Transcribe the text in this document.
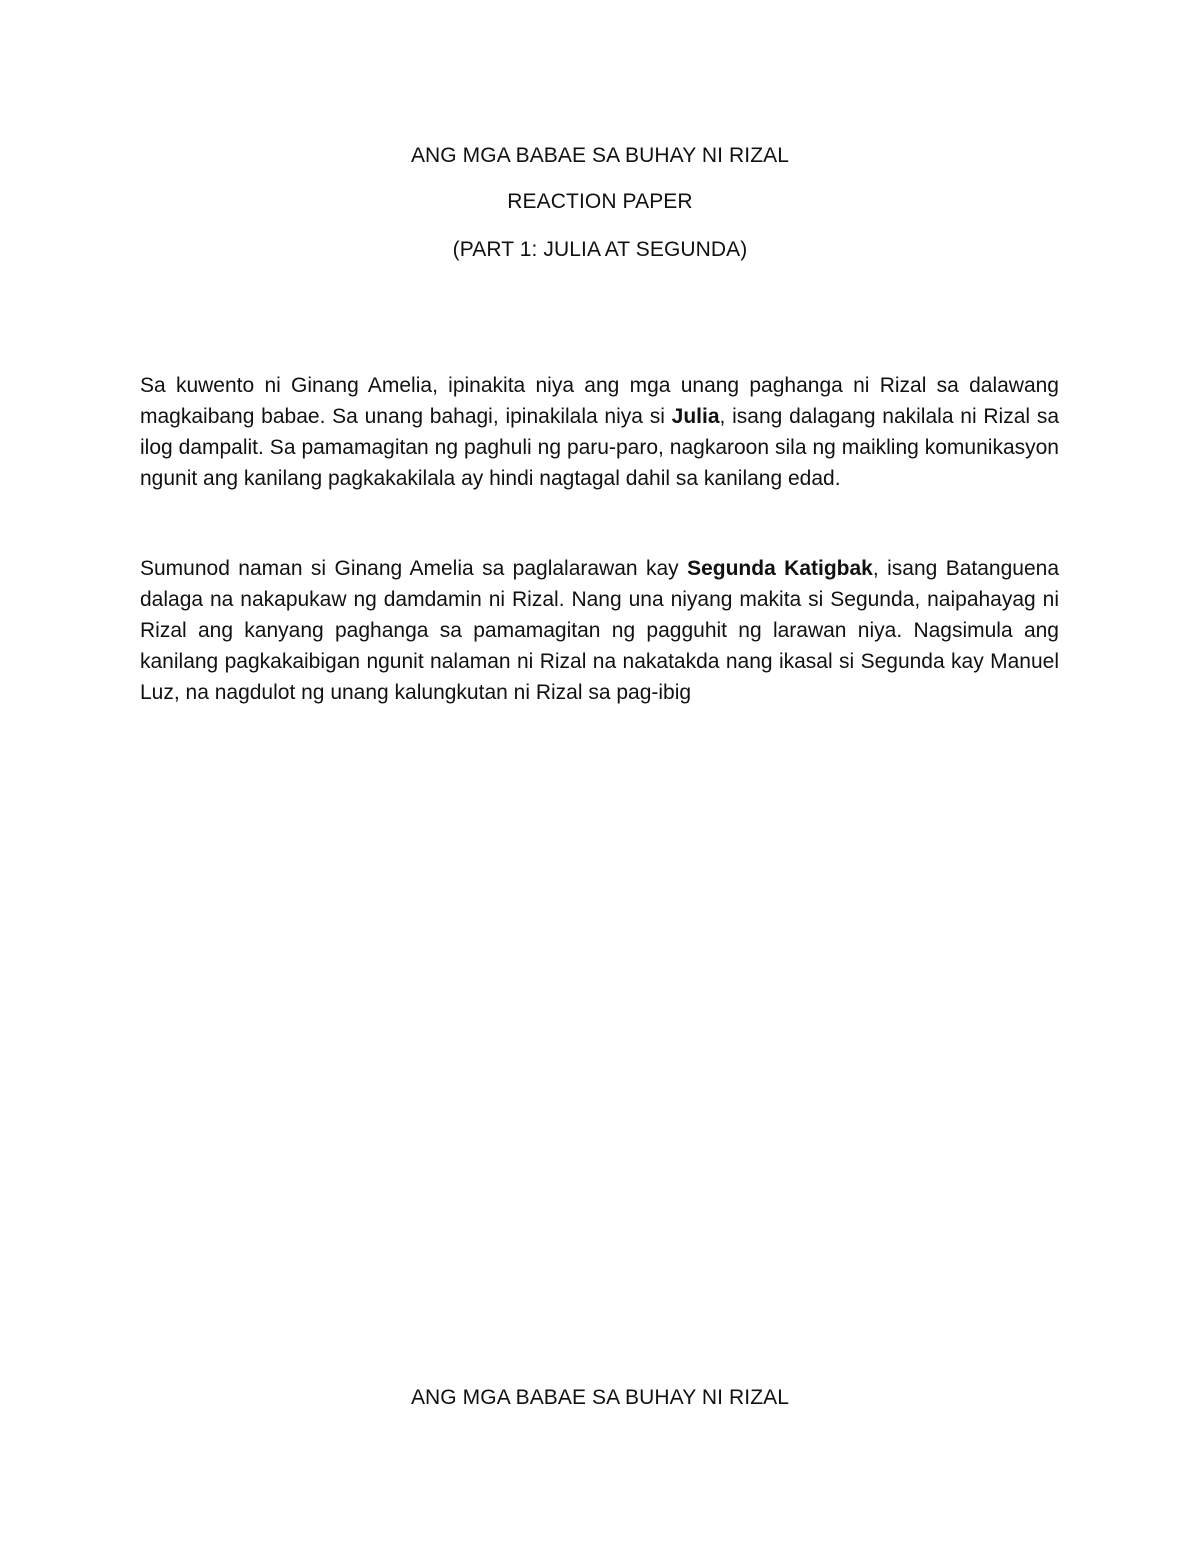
ANG MGA BABAE SA BUHAY NI RIZAL
REACTION PAPER
(PART 1: JULIA AT SEGUNDA)

Sa kuwento ni Ginang Amelia, ipinakita niya ang mga unang paghanga ni Rizal sa dalawang magkaibang babae. Sa unang bahagi, ipinakilala niya si Julia, isang dalagang nakilala ni Rizal sa ilog dampalit. Sa pamamagitan ng paghuli ng paru-paro, nagkaroon sila ng maikling komunikasyon ngunit ang kanilang pagkakakilala ay hindi nagtagal dahil sa kanilang edad.

Sumunod naman si Ginang Amelia sa paglalarawan kay Segunda Katigbak, isang Batanguena dalaga na nakapukaw ng damdamin ni Rizal. Nang una niyang makita si Segunda, naipahayag ni Rizal ang kanyang paghanga sa pamamagitan ng pagguhit ng larawan niya. Nagsimula ang kanilang pagkakaibigan ngunit nalaman ni Rizal na nakatakda nang ikasal si Segunda kay Manuel Luz, na nagdulot ng unang kalungkutan ni Rizal sa pag-ibig

ANG MGA BABAE SA BUHAY NI RIZAL
